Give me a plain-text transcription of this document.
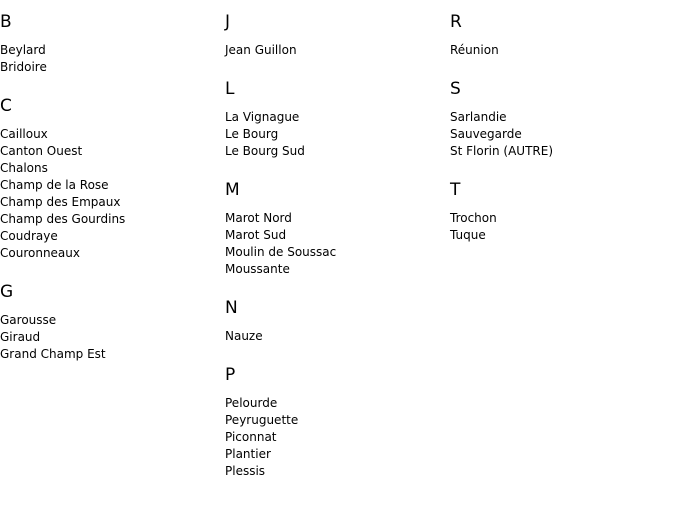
B
Beylard
Bridoire
C
Cailloux
Canton Ouest
Chalons
Champ de la Rose
Champ des Empaux
Champ des Gourdins
Coudraye
Couronneaux
G
Garousse
Giraud
Grand Champ Est
J
Jean Guillon
L
La Vignague
Le Bourg
Le Bourg Sud
M
Marot Nord
Marot Sud
Moulin de Soussac
Moussante
N
Nauze
P
Pelourde
Peyruguette
Piconnat
Plantier
Plessis
R
Réunion
S
Sarlandie
Sauvegarde
St Florin (AUTRE)
T
Trochon
Tuque
